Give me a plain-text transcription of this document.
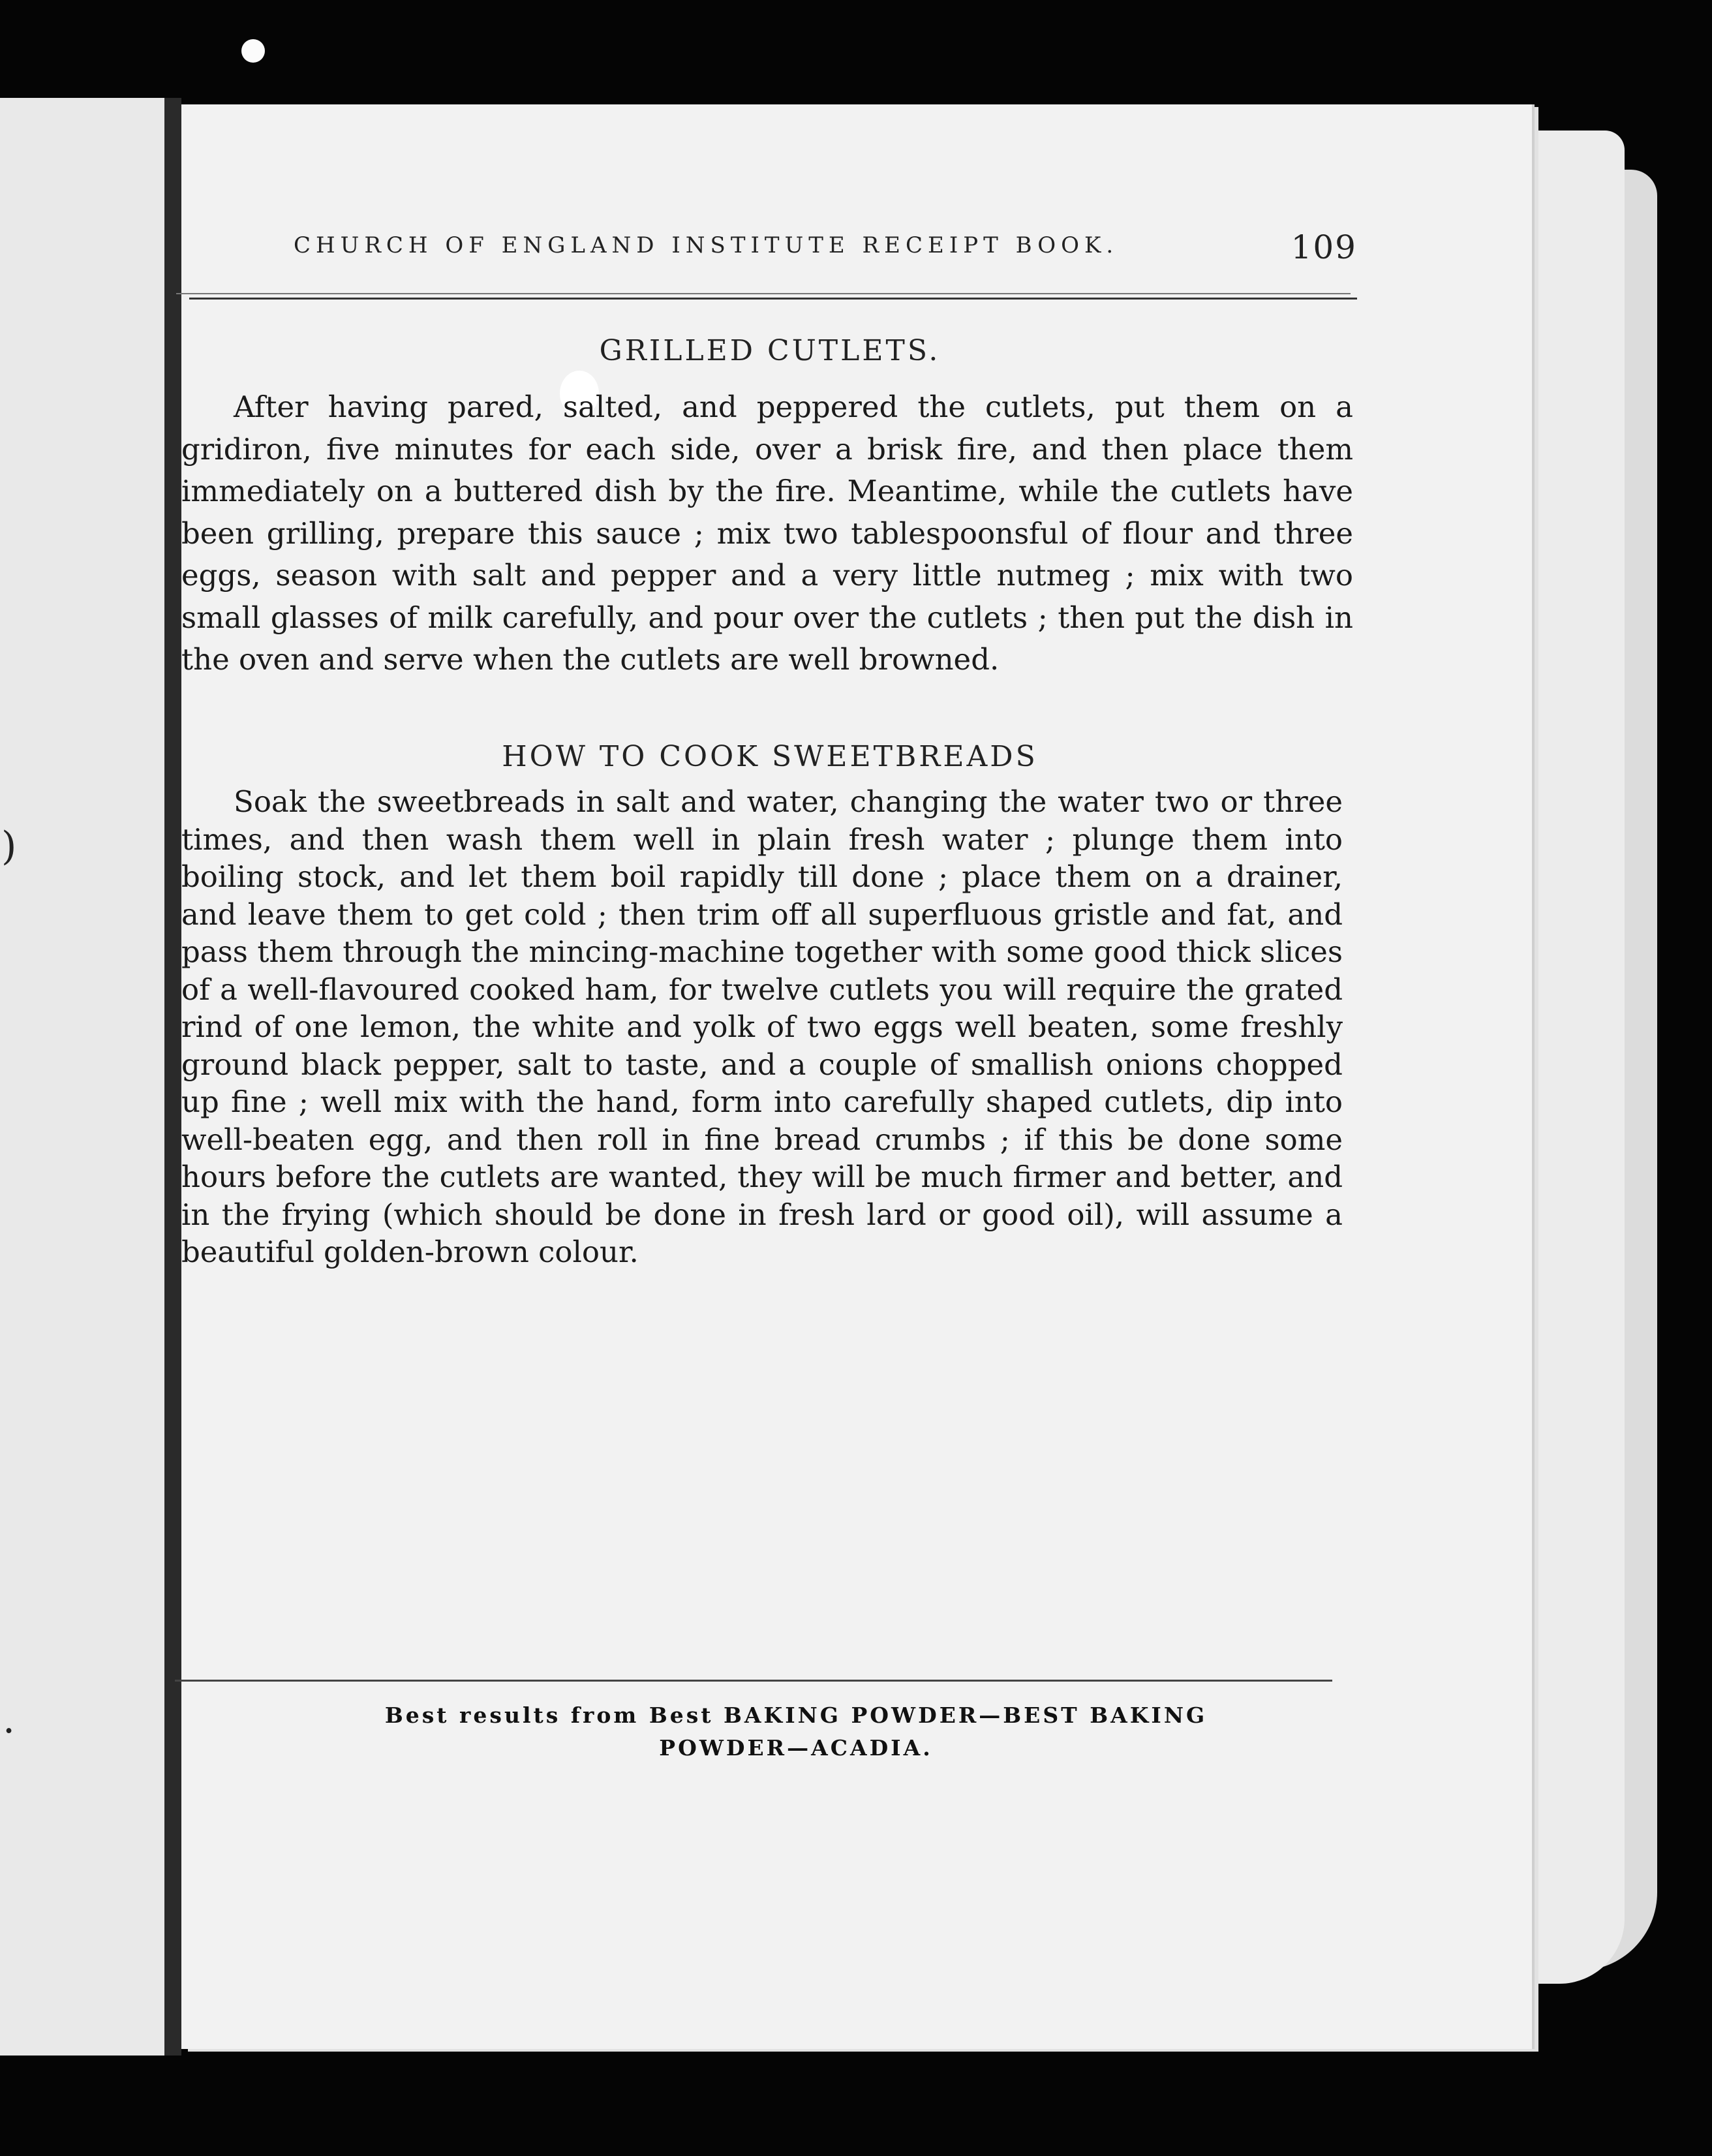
)
.
CHURCH OF ENGLAND INSTITUTE RECEIPT BOOK.	109
GRILLED CUTLETS.

After having pared, salted, and peppered the cutlets, put them on a gridiron, five minutes for each side, over a brisk fire, and then place them immediately on a buttered dish by the fire. Meantime, while the cutlets have been grilling, prepare this sauce ; mix two tablespoonsful of flour and three eggs, season with salt and pepper and a very little nutmeg ; mix with two small glasses of milk carefully, and pour over the cutlets ; then put the dish in the oven and serve when the cutlets are well browned.

HOW TO COOK SWEETBREADS

Soak the sweetbreads in salt and water, changing the water two or three times, and then wash them well in plain fresh water ; plunge them into boiling stock, and let them boil rapidly till done ; place them on a drainer, and leave them to get cold ; then trim off all superfluous gristle and fat, and pass them through the mincing-machine together with some good thick slices of a well-flavoured cooked ham, for twelve cutlets you will require the grated rind of one lemon, the white and yolk of two eggs well beaten, some freshly ground black pepper, salt to taste, and a couple of smallish onions chopped up fine ; well mix with the hand, form into carefully shaped cutlets, dip into well-beaten egg, and then roll in fine bread crumbs ; if this be done some hours before the cutlets are wanted, they will be much firmer and better, and in the frying (which should be done in fresh lard or good oil), will assume a beautiful golden-brown colour.

Best results from Best BAKING POWDER—BEST BAKING
POWDER—ACADIA.
